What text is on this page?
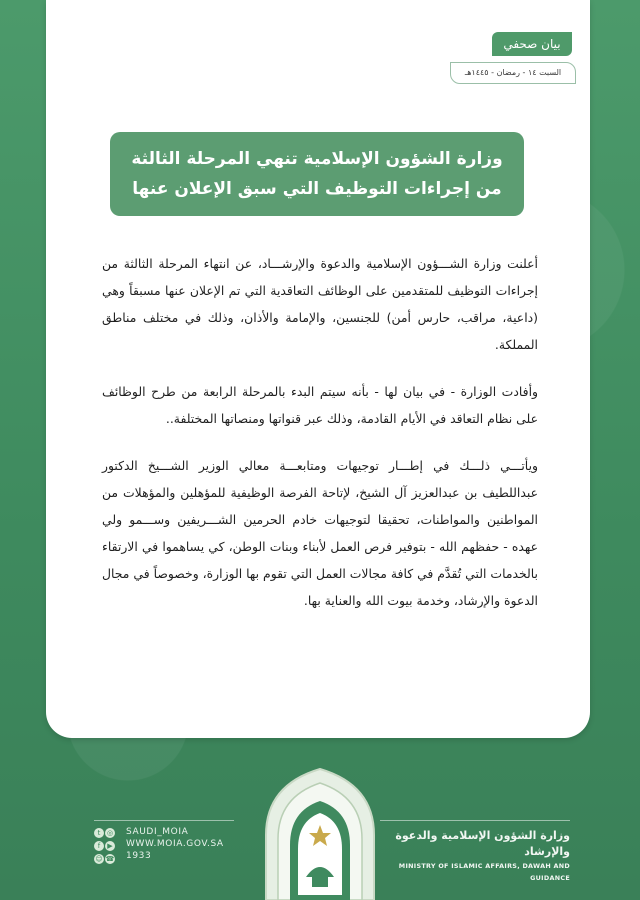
بيان صحفي
السبت ١٤ - رمضان - ١٤٤٥هـ
وزارة الشؤون الإسلامية تنهي المرحلة الثالثة
من إجراءات التوظيف التي سبق الإعلان عنها

أعلنت وزارة الشـــؤون الإسلامية والدعوة والإرشـــاد، عن انتهاء المرحلة الثالثة من إجراءات التوظيف للمتقدمين على الوظائف التعاقدية التي تم الإعلان عنها مسبقاً وهي (داعية، مراقب، حارس أمن) للجنسين، والإمامة والأذان، وذلك في مختلف مناطق المملكة.

وأفادت الوزارة - في بيان لها - بأنه سيتم البدء بالمرحلة الرابعة من طرح الوظائف على نظام التعاقد في الأيام القادمة، وذلك عبر قنواتها ومنصاتها المختلفة..

ويأتـــي ذلـــك في إطـــار توجيهات ومتابعـــة معالي الوزير الشـــيخ الدكتور عبداللطيف بن عبدالعزيز آل الشيخ، لإتاحة الفرصة الوظيفية للمؤهلين والمؤهلات من المواطنين والمواطنات، تحقيقا لتوجيهات خادم الحرمين الشـــريفين وســـمو ولي عهده - حفظهم الله - بتوفير فرص العمل لأبناء وبنات الوطن، كي يساهموا في الارتقاء بالخدمات التي تُقدَّم في كافة مجالات العمل التي تقوم بها الوزارة، وخصوصاً في مجال الدعوة والإرشاد، وخدمة بيوت الله والعناية بها.

t ◎ f ▶ ☺ ☎
SAUDI_MOIA
WWW.MOIA.GOV.SA
1933
وزارة الشؤون الإسلامية والدعوة والإرشاد
MINISTRY OF ISLAMIC AFFAIRS, DAWAH AND GUIDANCE
